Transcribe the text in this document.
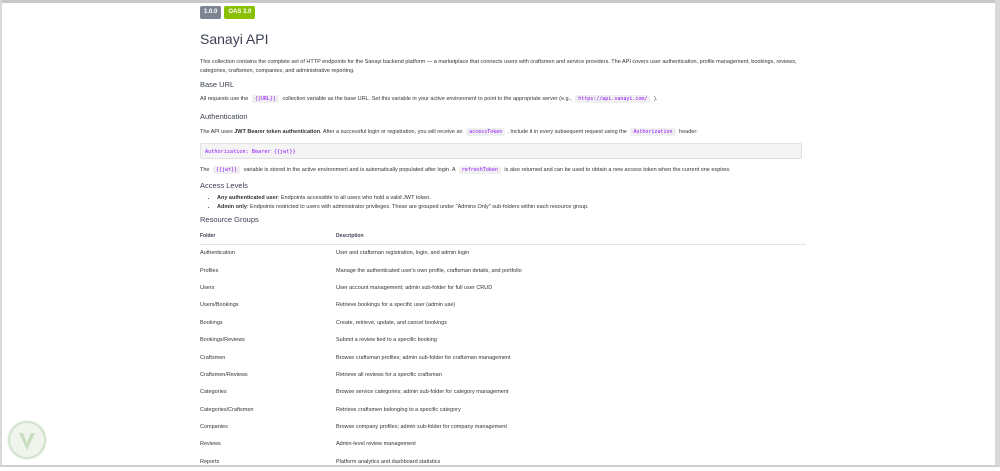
1.0.0	OAS 3.0
Sanayi API

This collection contains the complete set of HTTP endpoints for the Sanayi backend platform — a marketplace that connects users with craftsmen and service providers. The API covers user authentication, profile management, bookings, reviews, categories, craftsmen, companies, and administrative reporting.

Base URL

All requests use the {{URL}} collection variable as the base URL. Set this variable in your active environment to point to the appropriate server (e.g., https://api.sanayi.com/ ).

Authentication

The API uses JWT Bearer token authentication. After a successful login or registration, you will receive an accessToken . Include it in every subsequent request using the Authorization header:

Authorization: Bearer {{jwt}}

The {{jwt}} variable is stored in the active environment and is automatically populated after login. A refreshToken is also returned and can be used to obtain a new access token when the current one expires.

Access Levels
• Any authenticated user: Endpoints accessible to all users who hold a valid JWT token.
• Admin only: Endpoints restricted to users with administrator privileges. These are grouped under "Admins Only" sub-folders within each resource group.
Resource Groups
Folder	Description
Authentication	User and craftsman registration, login, and admin login
Profiles	Manage the authenticated user's own profile, craftsman details, and portfolio
Users	User account management; admin sub-folder for full user CRUD
Users/Bookings	Retrieve bookings for a specific user (admin use)
Bookings	Create, retrieve, update, and cancel bookings
Bookings/Reviews	Submit a review tied to a specific booking
Craftsmen	Browse craftsman profiles; admin sub-folder for craftsman management
Craftsmen/Reviews	Retrieve all reviews for a specific craftsman
Categories	Browse service categories; admin sub-folder for category management
Categories/Craftsmen	Retrieve craftsmen belonging to a specific category
Companies	Browse company profiles; admin sub-folder for company management
Reviews	Admin-level review management
Reports	Platform analytics and dashboard statistics
